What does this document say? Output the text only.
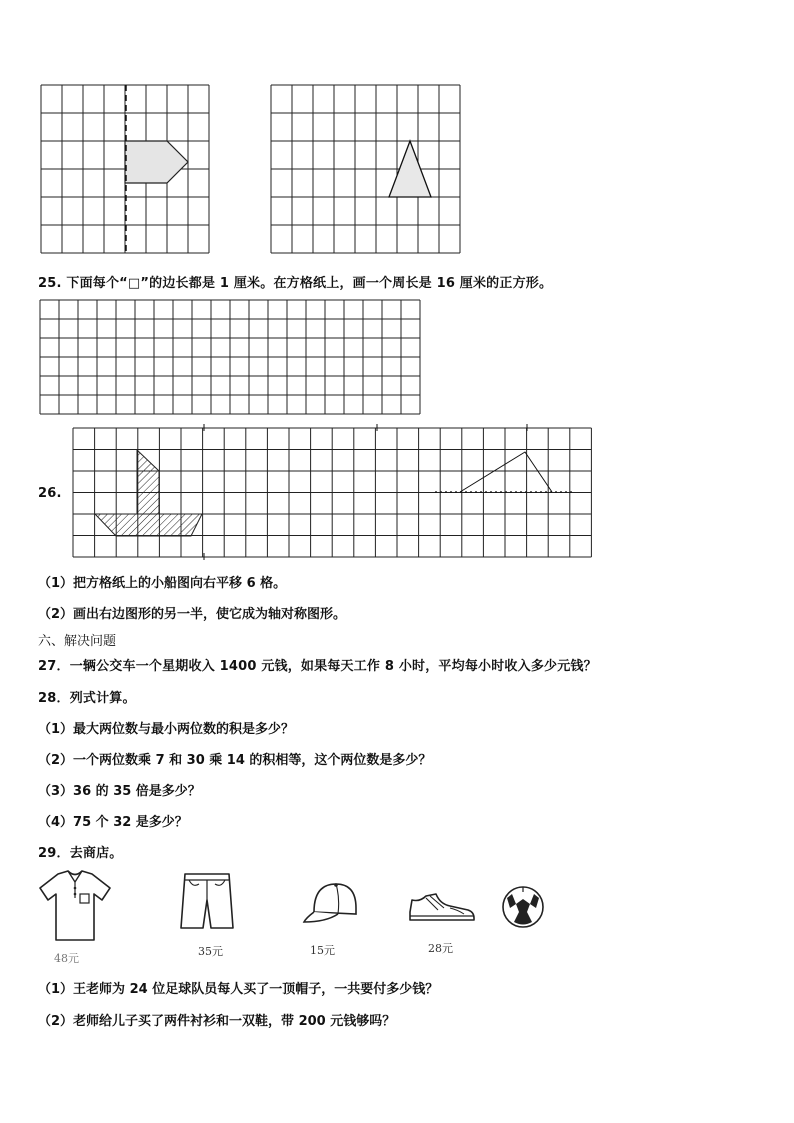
25. 下面每个“□”的边长都是 1 厘米。在方格纸上，画一个周长是 16 厘米的正方形。
26.
（1）把方格纸上的小船图向右平移 6 格。
（2）画出右边图形的另一半，使它成为轴对称图形。
六、解决问题
27．一辆公交车一个星期收入 1400 元钱，如果每天工作 8 小时，平均每小时收入多少元钱？
28．列式计算。
（1）最大两位数与最小两位数的积是多少？
（2）一个两位数乘 7 和 30 乘 14 的积相等，这个两位数是多少？
（3）36 的 35 倍是多少？
（4）75 个 32 是多少？
29．去商店。
48元
35元	15元	28元
（1）王老师为 24 位足球队员每人买了一顶帽子，一共要付多少钱？
（2）老师给儿子买了两件衬衫和一双鞋，带 200 元钱够吗？
